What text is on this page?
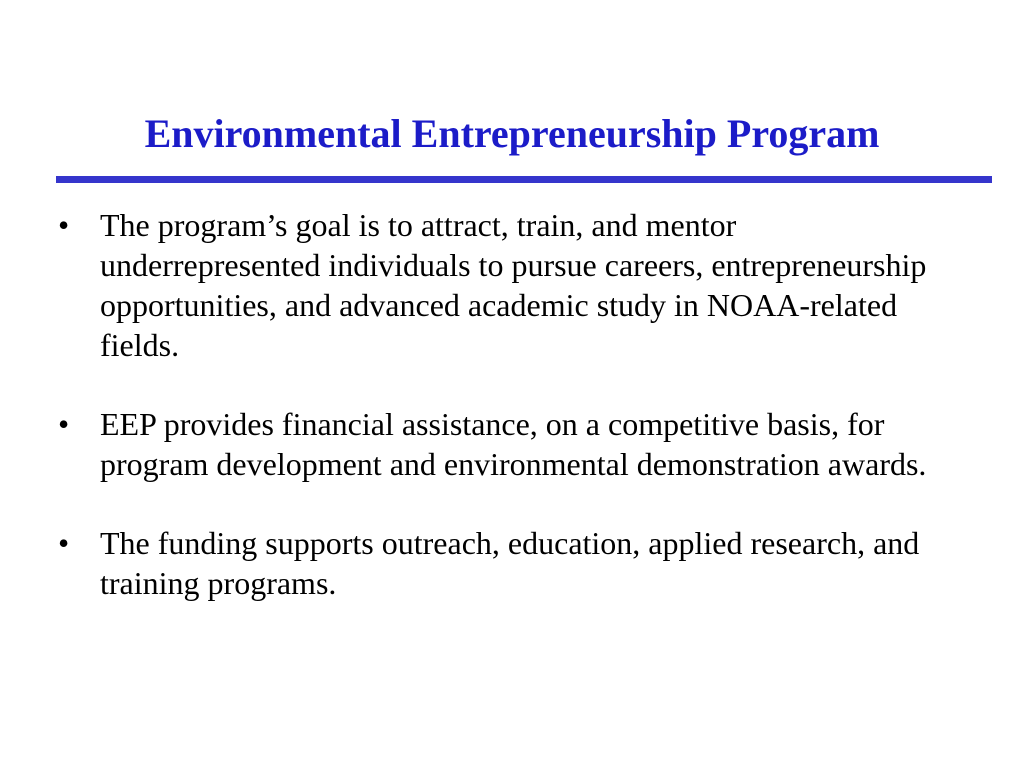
Environmental Entrepreneurship Program
• The program’s goal is to attract, train, and mentor underrepresented individuals to pursue careers, entrepreneurship opportunities, and advanced academic study in NOAA-related fields.
• EEP provides financial assistance, on a competitive basis, for program development and environmental demonstration awards.
• The funding supports outreach, education, applied research, and training programs.
